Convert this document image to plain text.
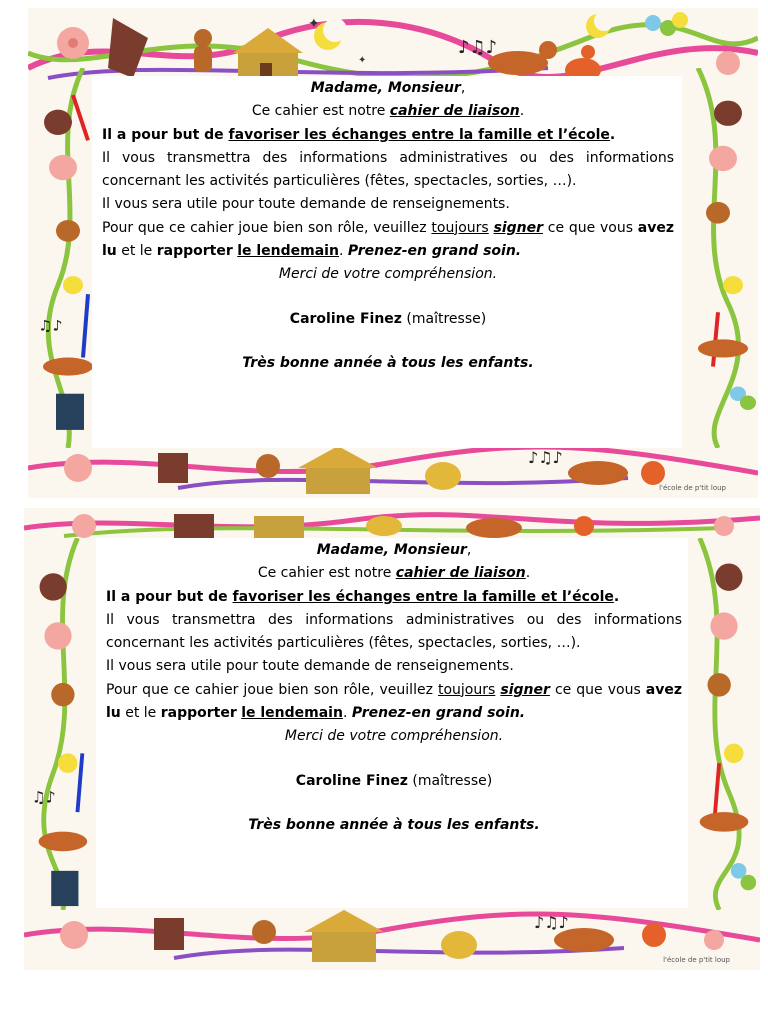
✦
✦
♪♫♪
♫♪
♪♫♪
l'école de p'tit loup

Madame, Monsieur,

Ce cahier est notre cahier de liaison.

Il a pour but de favoriser les échanges entre la famille et l’école.

Il vous transmettra des informations administratives ou des informations concernant les activités particulières (fêtes, spectacles, sorties, …).

Il vous sera utile pour toute demande de renseignements.

Pour que ce cahier joue bien son rôle, veuillez toujours signer ce que vous avez lu et le rapporter le lendemain. Prenez-en grand soin.

Merci de votre compréhension.

Caroline Finez (maîtresse)

Très bonne année à tous les enfants.

♫♪
♪♫♪
l'école de p'tit loup

Madame, Monsieur,

Ce cahier est notre cahier de liaison.

Il a pour but de favoriser les échanges entre la famille et l’école.

Il vous transmettra des informations administratives ou des informations concernant les activités particulières (fêtes, spectacles, sorties, …).

Il vous sera utile pour toute demande de renseignements.

Pour que ce cahier joue bien son rôle, veuillez toujours signer ce que vous avez lu et le rapporter le lendemain. Prenez-en grand soin.

Merci de votre compréhension.

Caroline Finez (maîtresse)

Très bonne année à tous les enfants.
